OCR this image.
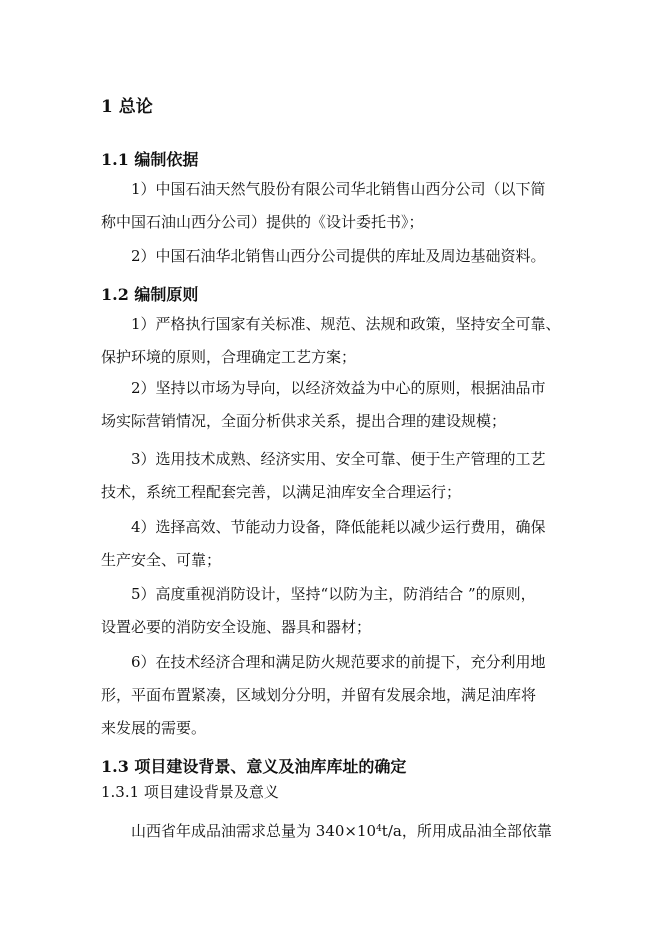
1 总论
1.1 编制依据
1）中国石油天然气股份有限公司华北销售山西分公司（以下简
称中国石油山西分公司）提供的《设计委托书》；
2）中国石油华北销售山西分公司提供的库址及周边基础资料。
1.2 编制原则
1）严格执行国家有关标准、规范、法规和政策，坚持安全可靠、
保护环境的原则，合理确定工艺方案；
2）坚持以市场为导向，以经济效益为中心的原则，根据油品市
场实际营销情况，全面分析供求关系，提出合理的建设规模；
3）选用技术成熟、经济实用、安全可靠、便于生产管理的工艺
技术，系统工程配套完善，以满足油库安全合理运行；
4）选择高效、节能动力设备，降低能耗以减少运行费用，确保
生产安全、可靠；
5）高度重视消防设计，坚持“以防为主，防消结合 ”的原则，
设置必要的消防安全设施、器具和器材；
6）在技术经济合理和满足防火规范要求的前提下，充分利用地
形，平面布置紧凑，区域划分分明，并留有发展余地，满足油库将
来发展的需要。
1.3 项目建设背景、意义及油库库址的确定
1.3.1 项目建设背景及意义
山西省年成品油需求总量为 $340\times 10^4t/a$，所用成品油全部依靠
